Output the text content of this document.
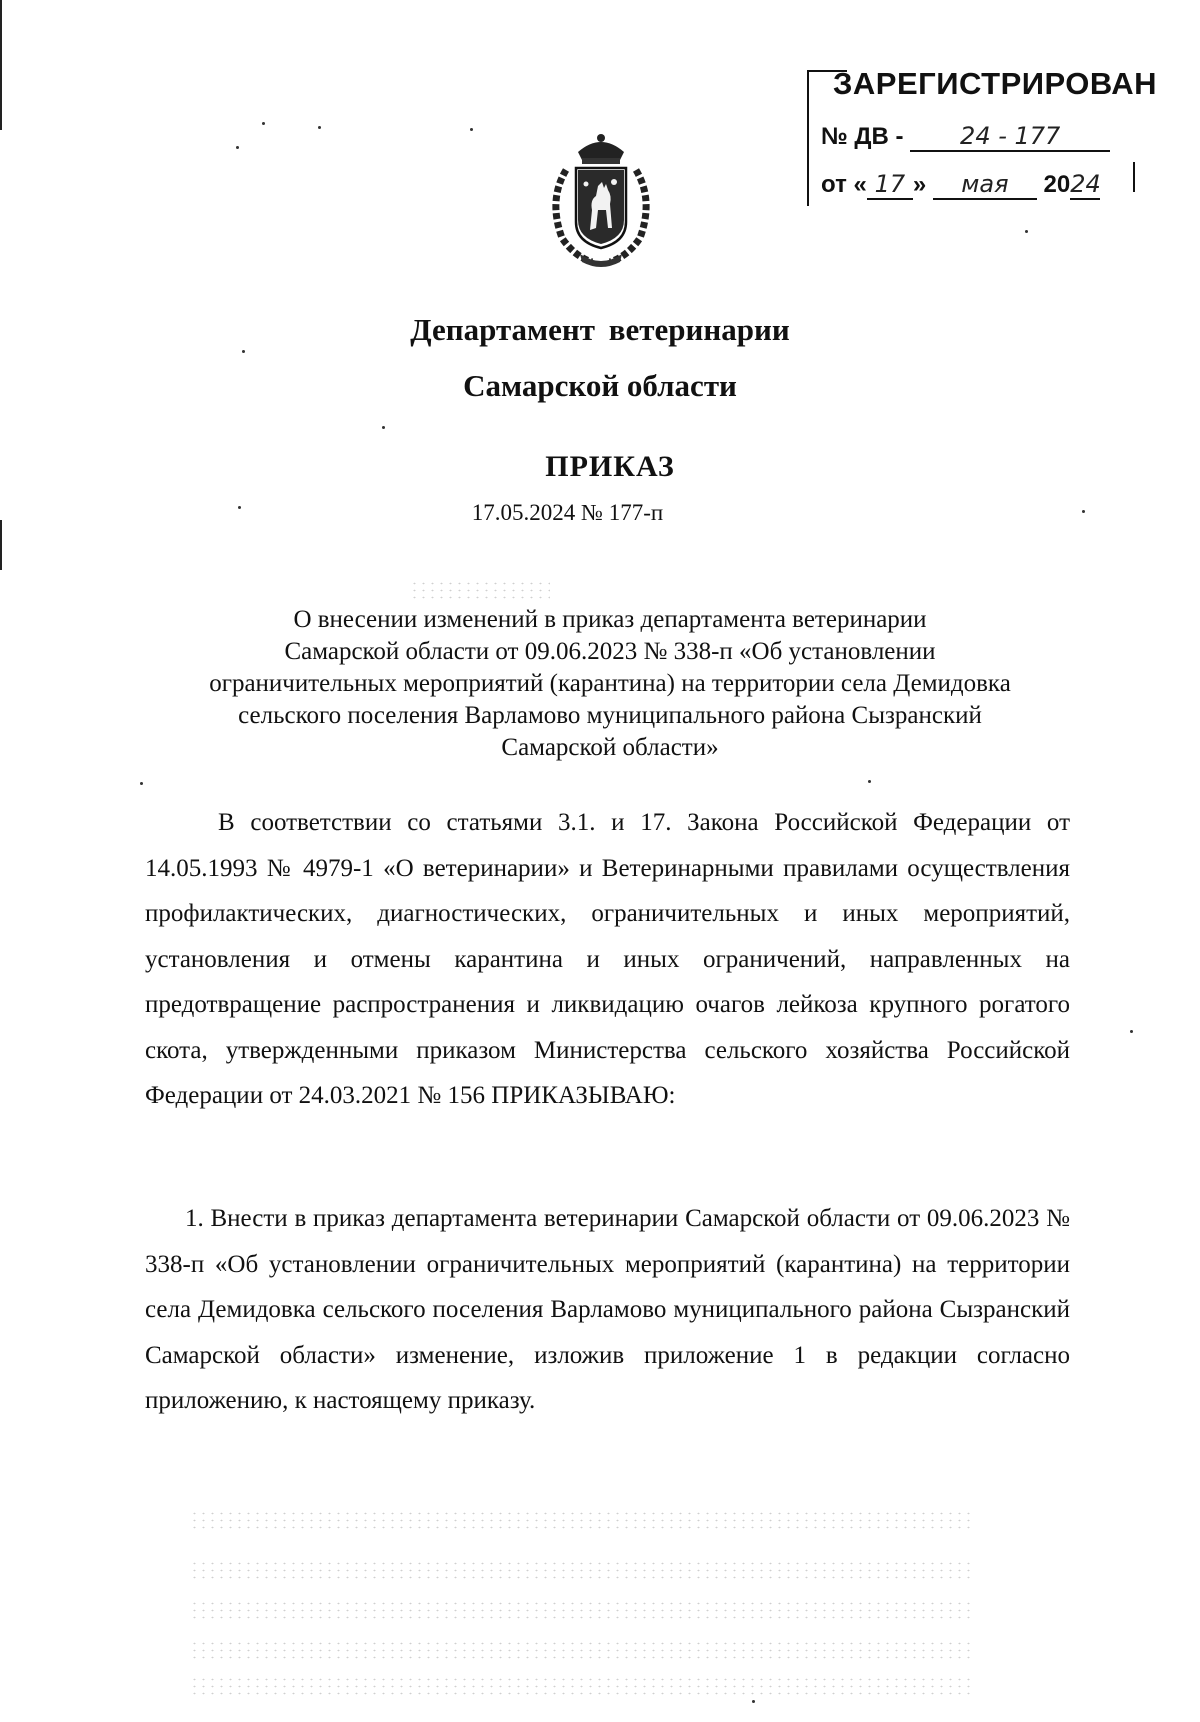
ЗАРЕГИСТРИРОВАН
№ ДВ - 24 - 177
от « 17 » мая 2024
Департамент ветеринарии
Самарской области
ПРИКАЗ
17.05.2024 № 177-п
О внесении изменений в приказ департамента ветеринарии
Самарской области от 09.06.2023 № 338-п «Об установлении
ограничительных мероприятий (карантина) на территории села Демидовка
сельского поселения Варламово муниципального района Сызранский
Самарской области»
В соответствии со статьями 3.1. и 17. Закона Российской Федерации от 14.05.1993 № 4979-1 «О ветеринарии» и Ветеринарными правилами осуществления профилактических, диагностических, ограничительных и иных мероприятий, установления и отмены карантина и иных ограничений, направленных на предотвращение распространения и ликвидацию очагов лейкоза крупного рогатого скота, утвержденными приказом Министерства сельского хозяйства Российской Федерации от 24.03.2021 № 156 ПРИКАЗЫВАЮ:
1. Внести в приказ департамента ветеринарии Самарской области от 09.06.2023 № 338-п «Об установлении ограничительных мероприятий (карантина) на территории села Демидовка сельского поселения Варламово муниципального района Сызранский Самарской области» изменение, изложив приложение 1 в редакции согласно приложению, к настоящему приказу.
